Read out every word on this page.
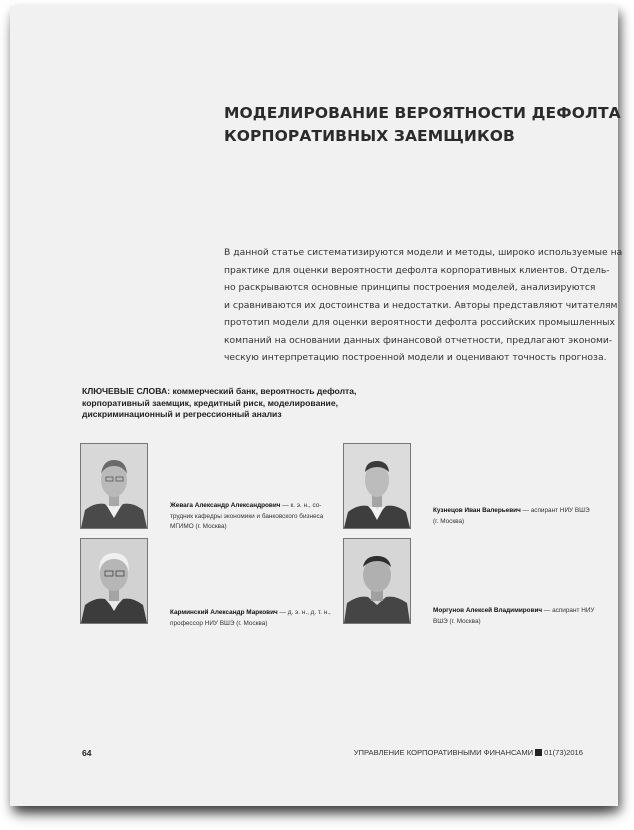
МОДЕЛИРОВАНИЕ ВЕРОЯТНОСТИ ДЕФОЛТА
КОРПОРАТИВНЫХ ЗАЕМЩИКОВ
В данной статье систематизируются модели и методы, широко используемые на
практике для оценки вероятности дефолта корпоративных клиентов. Отдель-
но раскрываются основные принципы построения моделей, анализируются
и сравниваются их достоинства и недостатки. Авторы представляют читателям
прототип модели для оценки вероятности дефолта российских промышленных
компаний на основании данных финансовой отчетности, предлагают экономи-
ческую интерпретацию построенной модели и оценивают точность прогноза.
КЛЮЧЕВЫЕ СЛОВА: коммерческий банк, вероятность дефолта,
корпоративный заемщик, кредитный риск, моделирование,
дискриминационный и регрессионный анализ
Жевага Александр Александрович — к. э. н., со-
трудник кафедры экономики и банковского бизнеса
МГИМО (г. Москва)
Кузнецов Иван Валерьевич — аспирант НИУ ВШЭ
(г. Москва)
Карминский Александр Маркович — д. э. н., д. т. н.,
профессор НИУ ВШЭ (г. Москва)
Моргунов Алексей Владимирович — аспирант НИУ
ВШЭ (г. Москва)
64	УПРАВЛЕНИЕ КОРПОРАТИВНЫМИ ФИНАНСАМИ 01(73)2016
